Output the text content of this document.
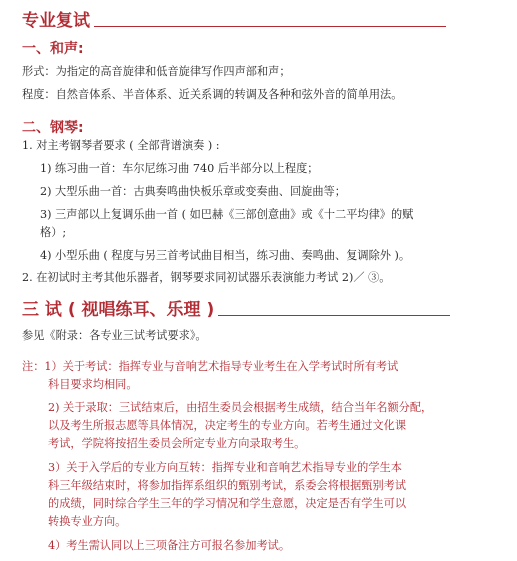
专业复试
一、和声:
形式：为指定的高音旋律和低音旋律写作四声部和声；
程度：自然音体系、半音体系、近关系调的转调及各种和弦外音的简单用法。
二、钢琴:
1. 对主考钢琴者要求 ( 全部背谱演奏 ) :
1) 练习曲一首：车尔尼练习曲 740 后半部分以上程度；
2) 大型乐曲一首：古典奏鸣曲快板乐章或变奏曲、回旋曲等；
3) 三声部以上复调乐曲一首 ( 如巴赫《三部创意曲》或《十二平均律》的赋
格）;
4) 小型乐曲 ( 程度与另三首考试曲目相当，练习曲、奏鸣曲、复调除外 )。
2. 在初试时主考其他乐器者，钢琴要求同初试器乐表演能力考试 2)／ ③。
三 试 ( 视唱练耳、乐理 )
参见《附录：各专业三试考试要求》。
注：1）关于考试：指挥专业与音响艺术指导专业考生在入学考试时所有考试
科目要求均相同。
2) 关于录取：三试结束后，由招生委员会根据考生成绩，结合当年名额分配，
以及考生所报志愿等具体情况，决定考生的专业方向。若考生通过文化课
考试，学院将按招生委员会所定专业方向录取考生。
3）关于入学后的专业方向互转：指挥专业和音响艺术指导专业的学生本
科三年级结束时，将参加指挥系组织的甄别考试，系委会将根据甄别考试
的成绩，同时综合学生三年的学习情况和学生意愿，决定是否有学生可以
转换专业方向。
4）考生需认同以上三项备注方可报名参加考试。
